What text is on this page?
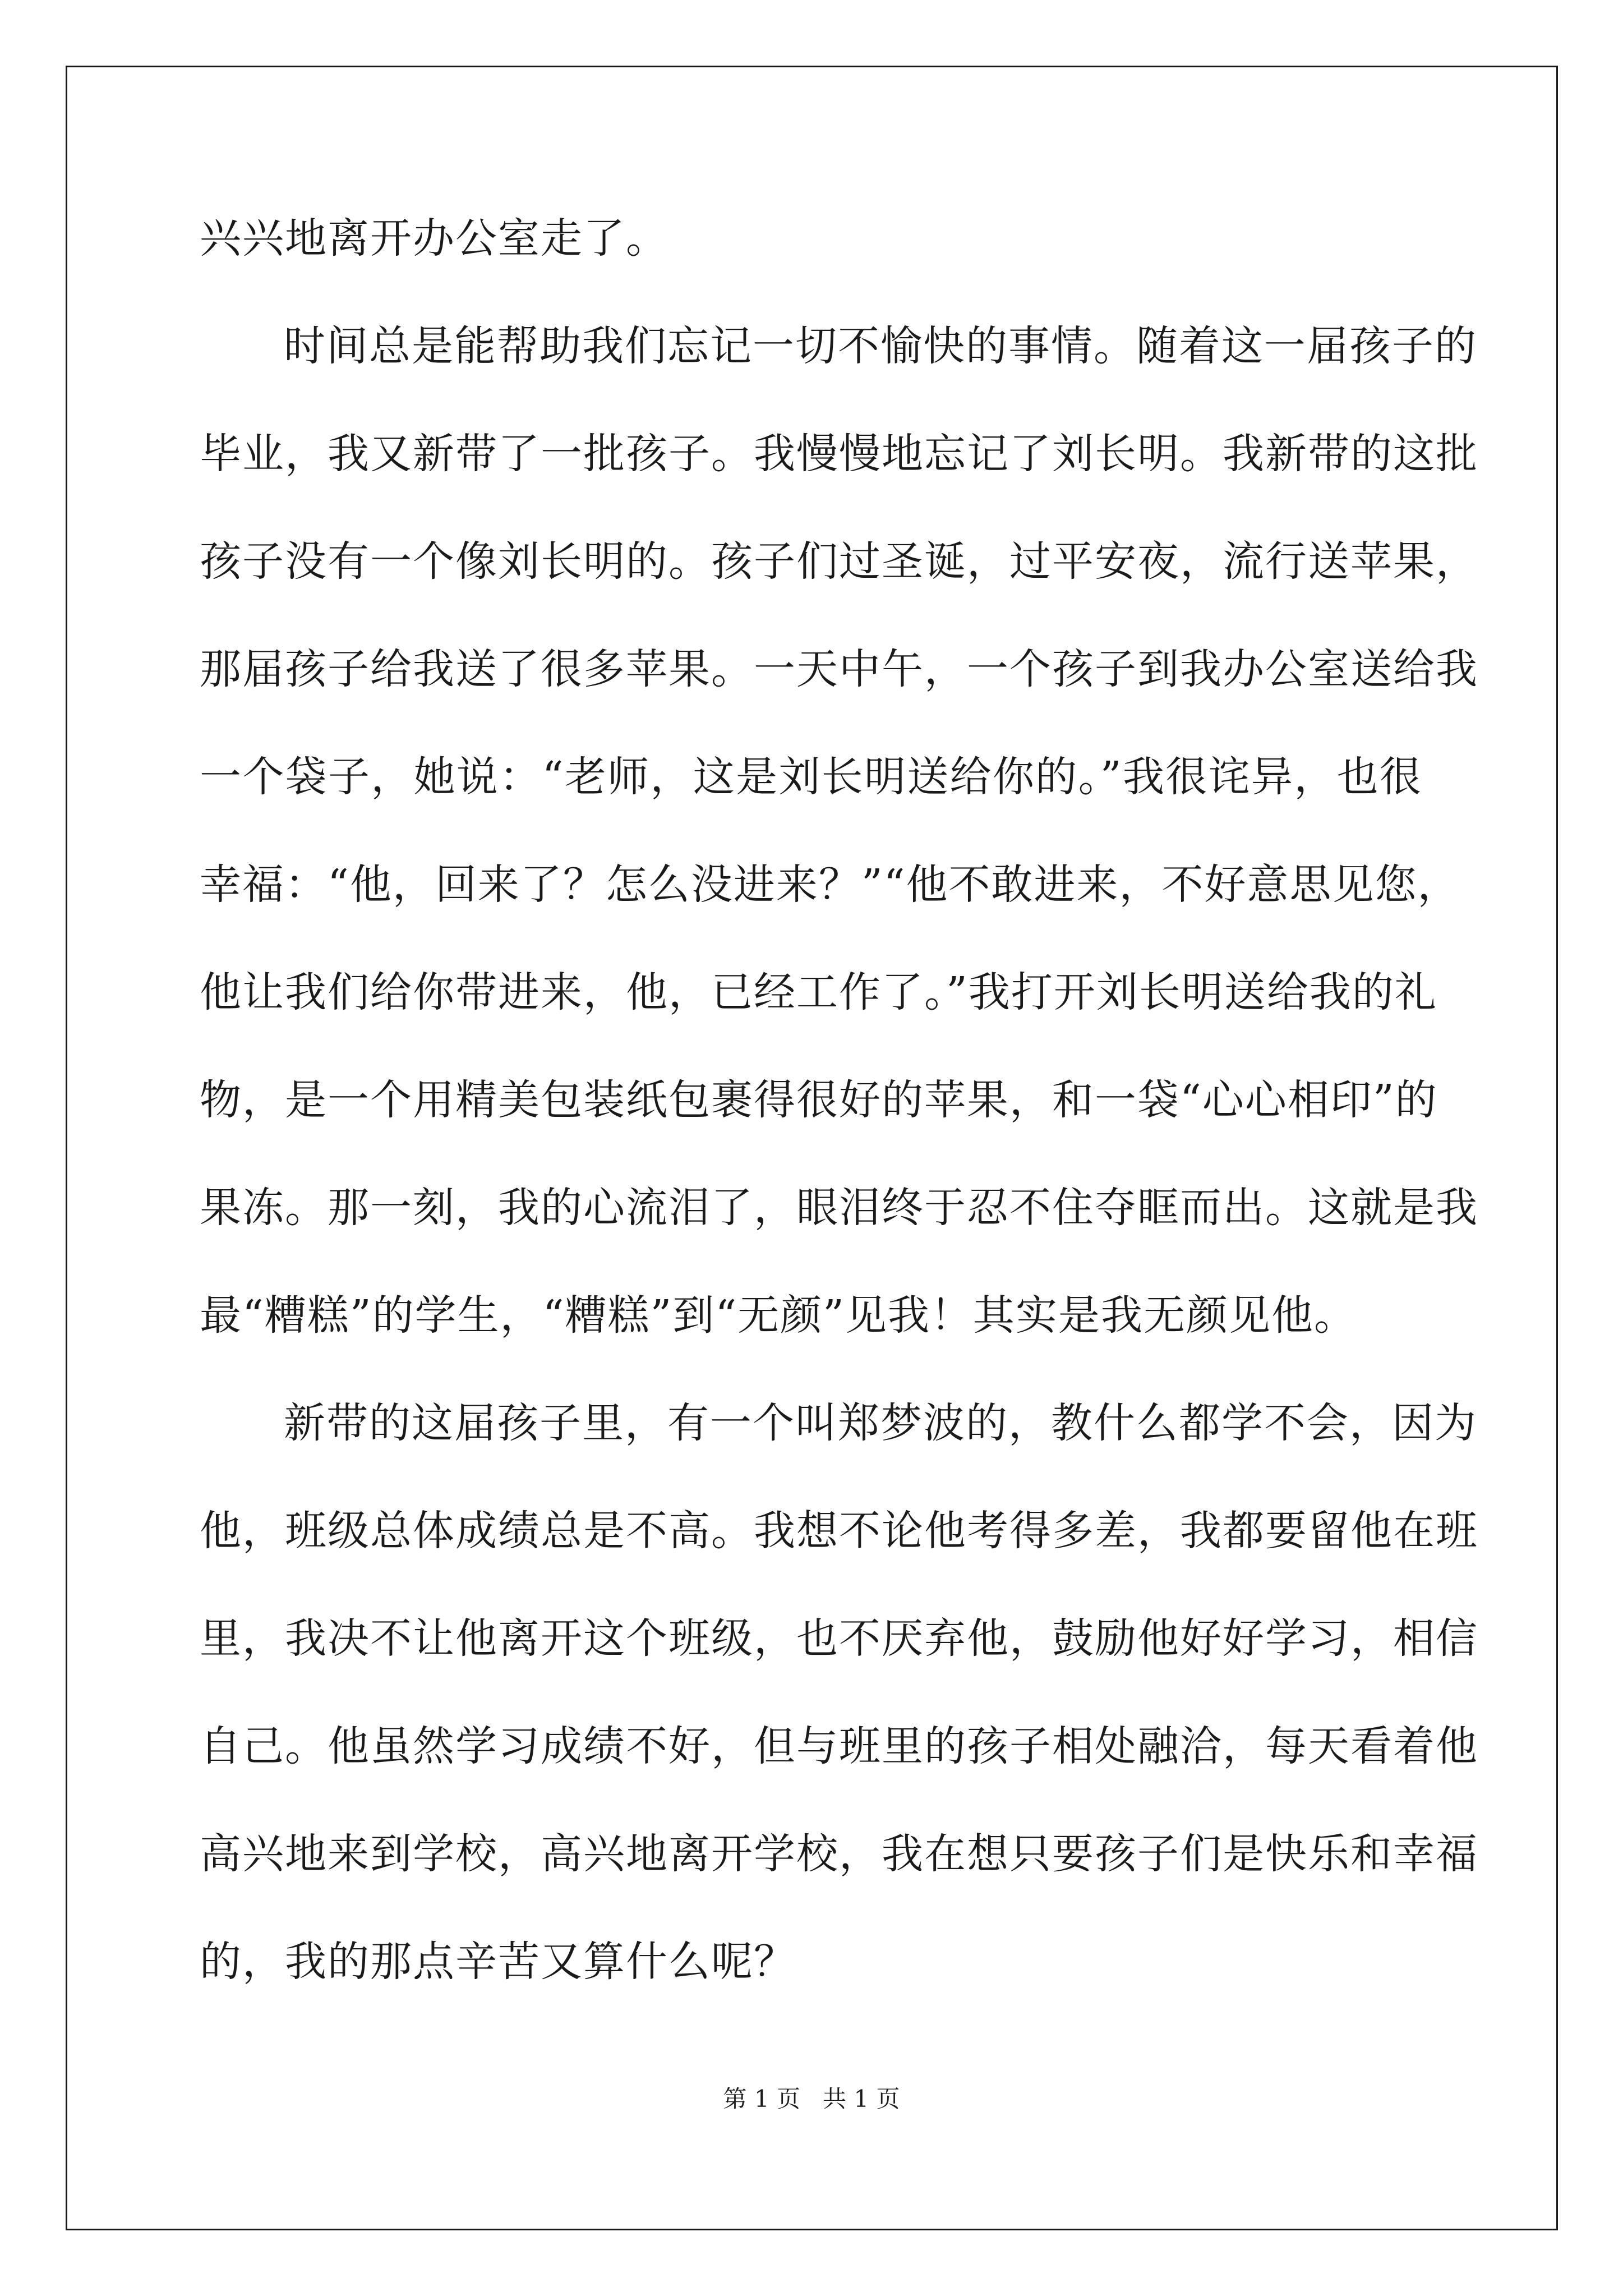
兴兴地离开办公室走了。
时间总是能帮助我们忘记一切不愉快的事情。随着这一届孩子的
毕业，我又新带了一批孩子。我慢慢地忘记了刘长明。我新带的这批
孩子没有一个像刘长明的。孩子们过圣诞，过平安夜，流行送苹果，
那届孩子给我送了很多苹果。一天中午，一个孩子到我办公室送给我
一个袋子，她说：“老师，这是刘长明送给你的。”我很诧异，也很
幸福：“他，回来了？怎么没进来？”“他不敢进来，不好意思见您，
他让我们给你带进来，他，已经工作了。”我打开刘长明送给我的礼
物，是一个用精美包装纸包裹得很好的苹果，和一袋“心心相印”的
果冻。那一刻，我的心流泪了，眼泪终于忍不住夺眶而出。这就是我
最“糟糕”的学生，“糟糕”到“无颜”见我！其实是我无颜见他。
新带的这届孩子里，有一个叫郑梦波的，教什么都学不会，因为
他，班级总体成绩总是不高。我想不论他考得多差，我都要留他在班
里，我决不让他离开这个班级，也不厌弃他，鼓励他好好学习，相信
自己。他虽然学习成绩不好，但与班里的孩子相处融洽，每天看着他
高兴地来到学校，高兴地离开学校，我在想只要孩子们是快乐和幸福
的，我的那点辛苦又算什么呢？
第 1 页 共 1 页
